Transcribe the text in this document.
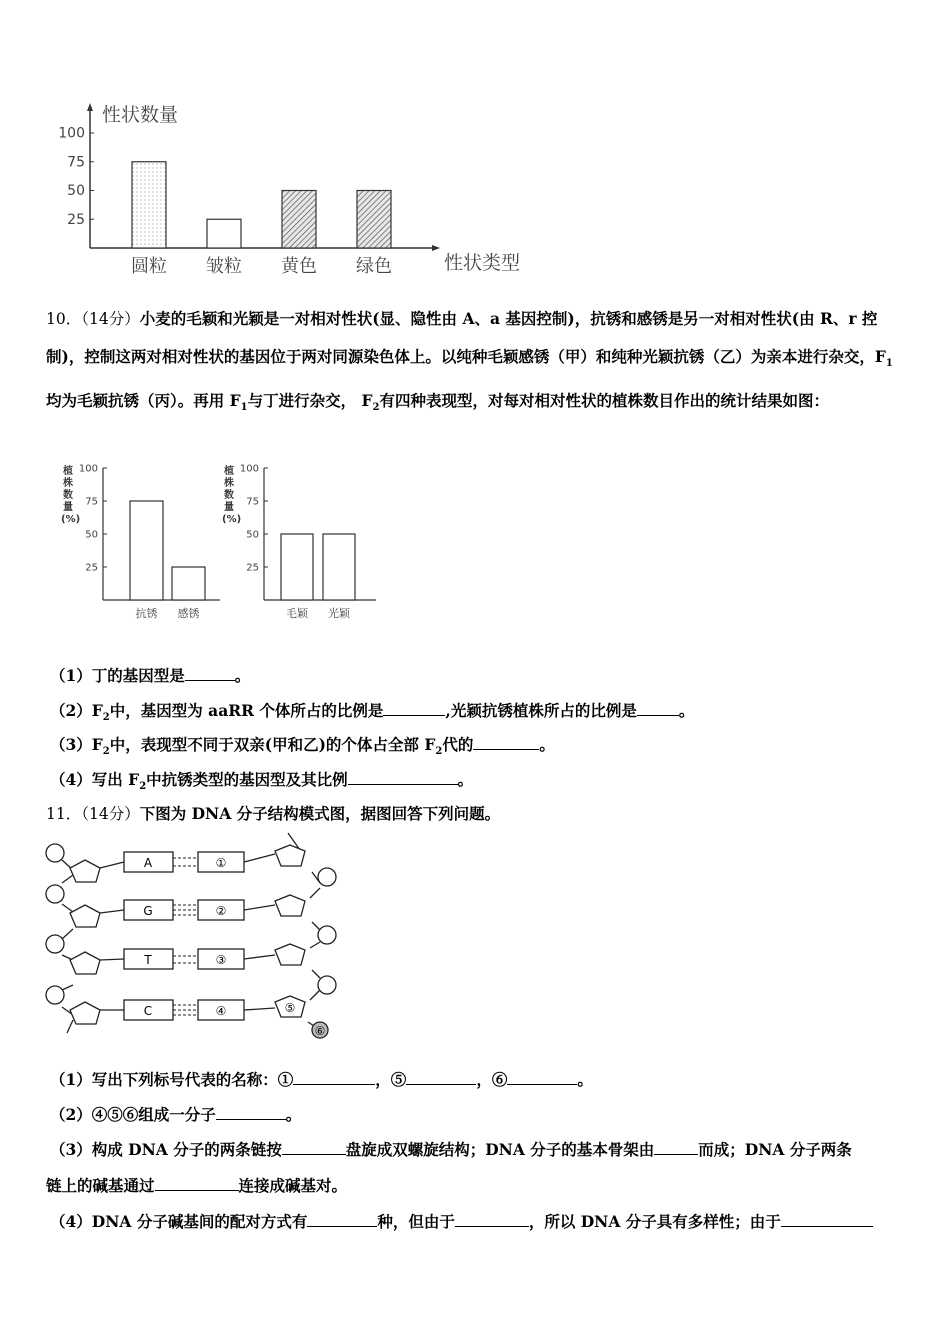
性状数量
性状类型
100
75
50
25
圆粒 皱粒 黄色 绿色
10．（14分）小麦的毛颖和光颖是一对相对性状(显、隐性由 A、a 基因控制)，抗锈和感锈是另一对相对性状(由 R、r 控制)，控制这两对相对性状的基因位于两对同源染色体上。以纯种毛颖感锈（甲）和纯种光颖抗锈（乙）为亲本进行杂交，$F_1$均为毛颖抗锈（丙）。再用 $F_1$与丁进行杂交， $F_2$有四种表现型，对每对相对性状的植株数目作出的统计结果如图：
植株数量(%)
100
75
50
25
抗锈 感锈
植株数量(%)
100
75
50
25
毛颖 光颖
（1）丁的基因型是	。
$(2)F_2$中，基因型为 aaRR 个体所占的比例是	,光颖抗锈植株所占的比例是	。
$(3)F_2$中，表现型不同于双亲(甲和乙)的个体占全部 $F_2$代的	。
（4）写出 $F_2$中抗锈类型的基因型及其比例	。
11．（14分）下图为 DNA 分子结构模式图，据图回答下列问题。
A
G
T
C
①
②
③
④	⑤
⑥
（1）写出下列标号代表的名称：①	，⑤	，⑥	。
（2）④⑤⑥组成一分子	。
（3）构成 DNA 分子的两条链按	盘旋成双螺旋结构；DNA 分子的基本骨架由	而成；DNA 分子两条
链上的碱基通过	连接成碱基对。
（4）DNA 分子碱基间的配对方式有	种，但由于	，所以 DNA 分子具有多样性；由于
